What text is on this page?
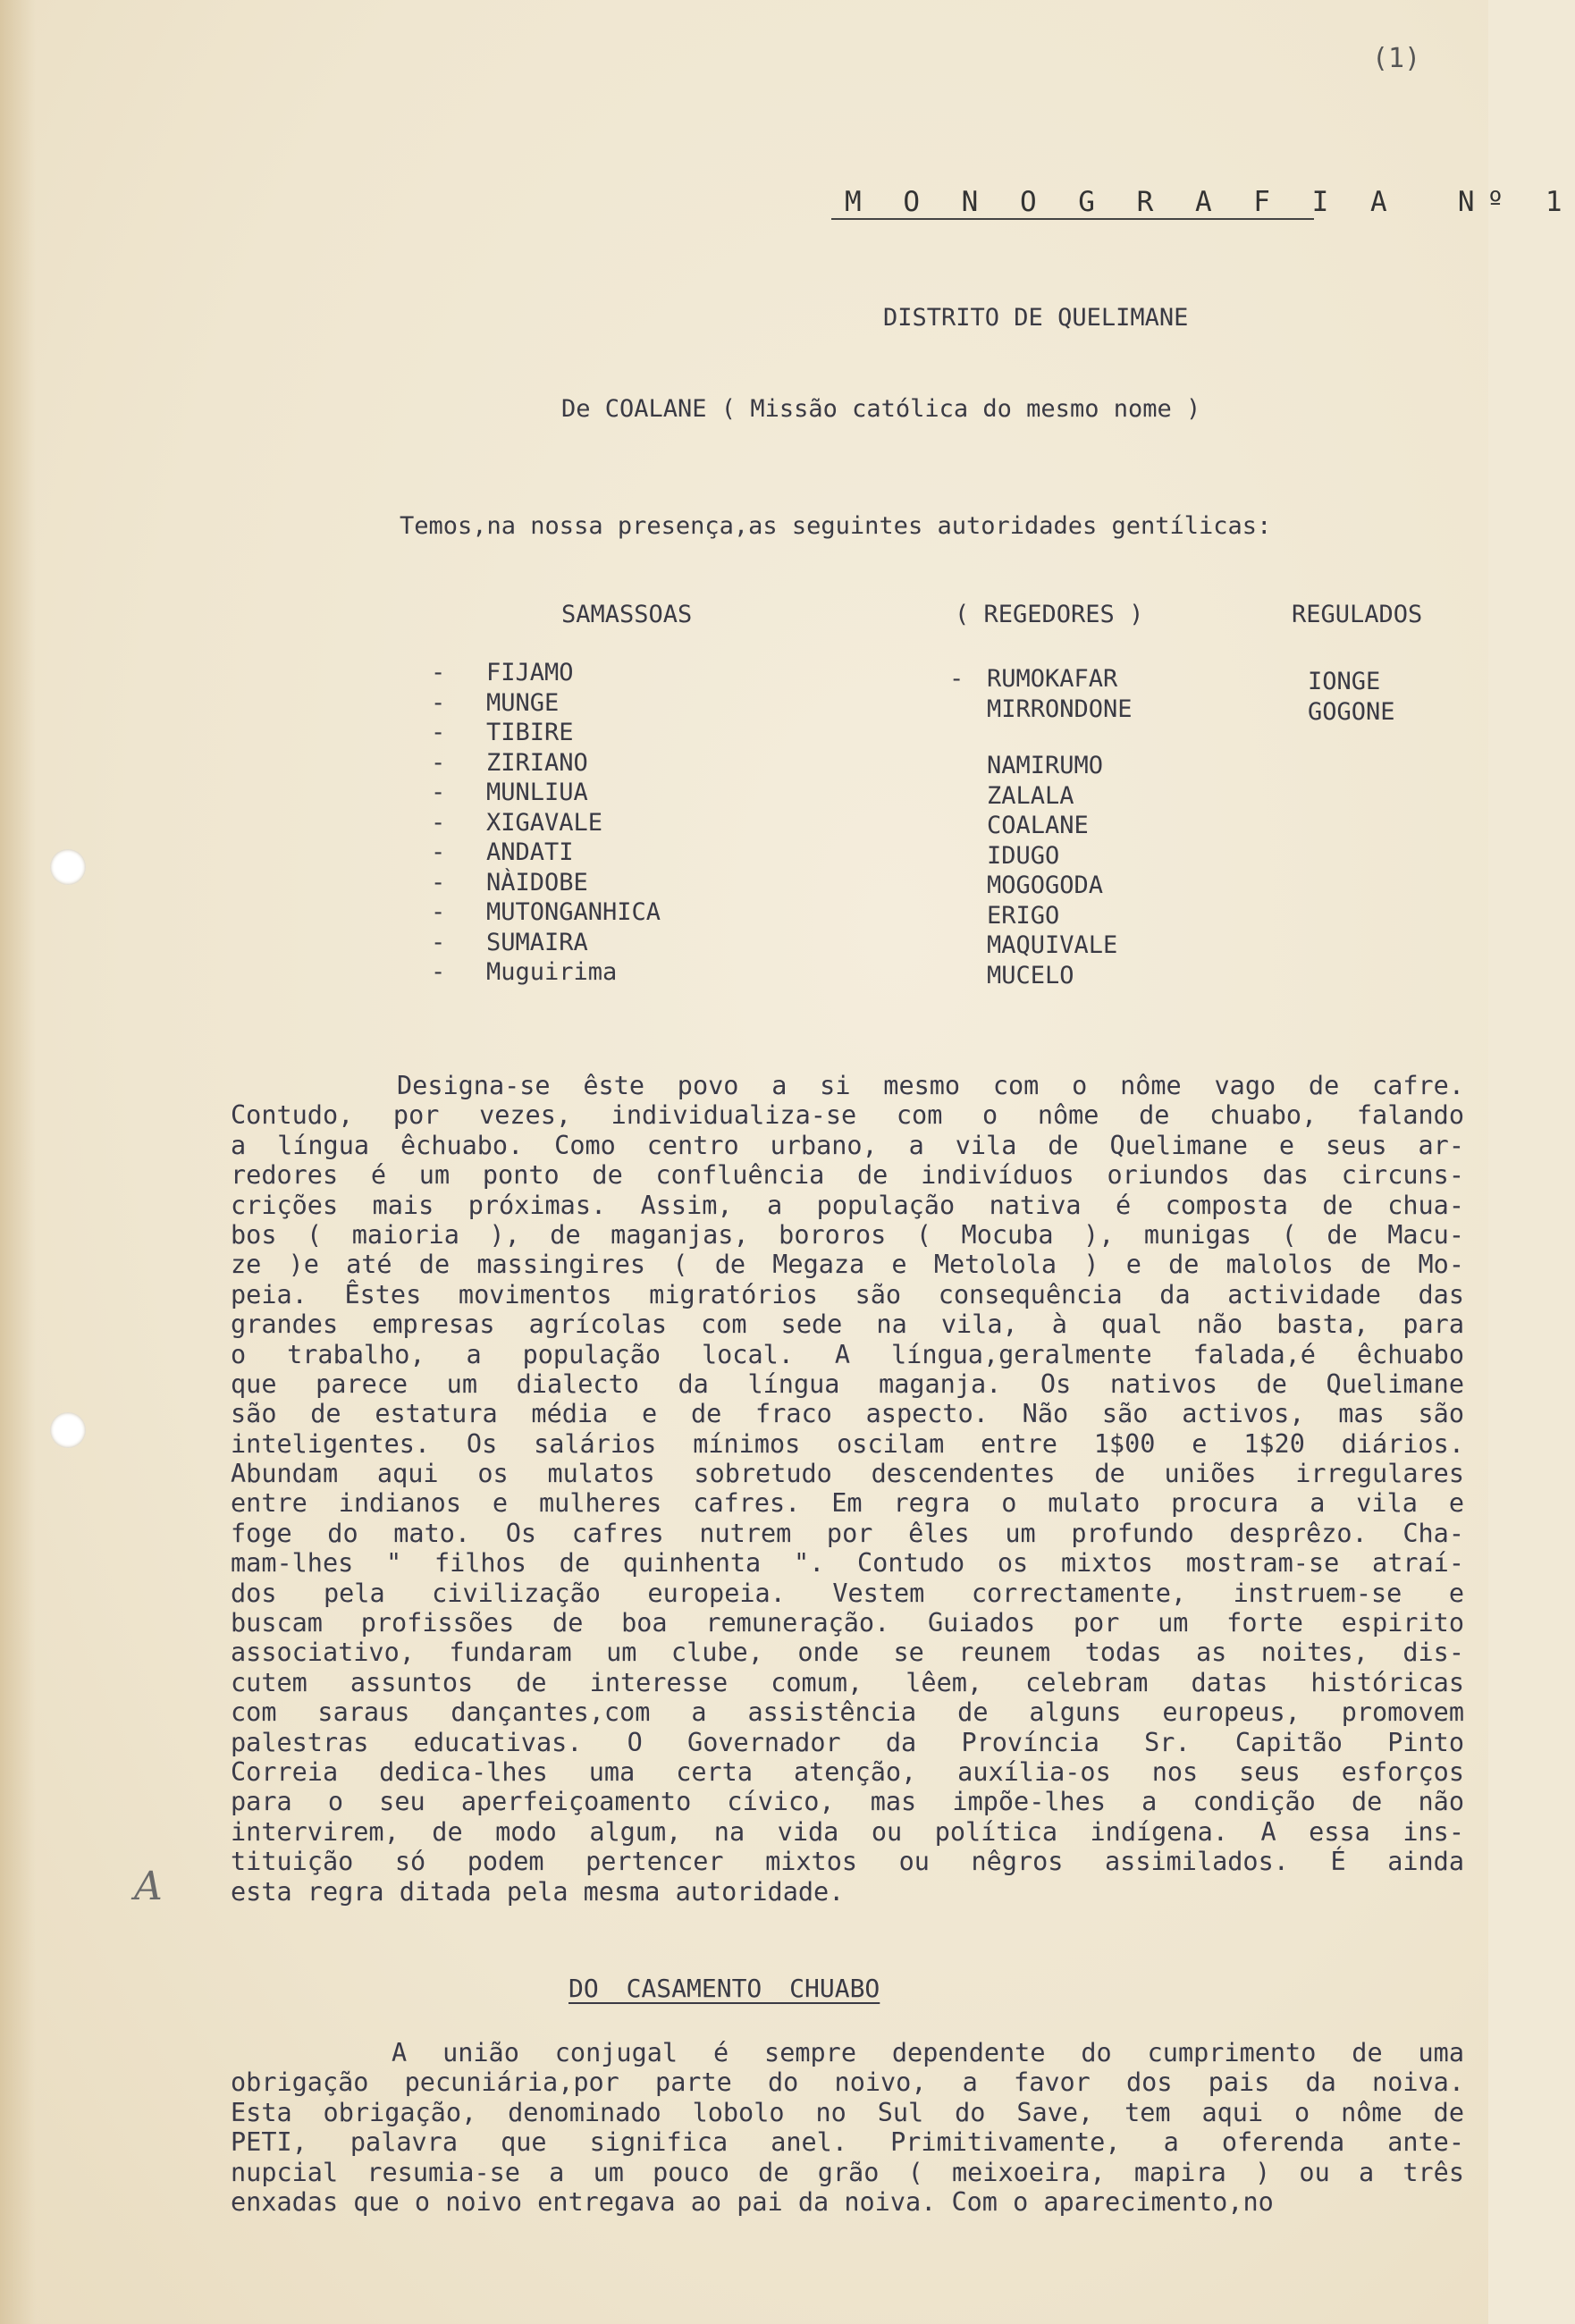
(1)
M O N O G R A F I A  Nº 1
DISTRITO DE QUELIMANE
De COALANE ( Missão católica do mesmo nome )
Temos,na nossa presença,as seguintes autoridades gentílicas:
SAMASSOAS	( REGEDORES )	REGULADOS
- FIJAMO
- MUNGE
- TIBIRE
- ZIRIANO
- MUNLIUA
- XIGAVALE
- ANDATI
- NÀIDOBE
- MUTONGANHICA
- SUMAIRA
- Muguirima
- RUMOKAFAR
MIRRONDONE
NAMIRUMO
ZALALA
COALANE
IDUGO
MOGOGODA
ERIGO
MAQUIVALE
MUCELO
IONGE
GOGONE
Designa-se êste povo a si mesmo com o nôme vago de cafre.
Contudo, por vezes, individualiza-se com o nôme de chuabo, falando
a língua êchuabo. Como centro urbano, a vila de Quelimane e seus ar-
redores é um ponto de confluência de indivíduos oriundos das circuns-
crições mais próximas. Assim, a população nativa é composta de chua-
bos ( maioria ), de maganjas, bororos ( Mocuba ), munigas ( de Macu-
ze )e até de massingires ( de Megaza e Metolola ) e de malolos de Mo-
peia. Êstes movimentos migratórios são consequência da actividade das
grandes empresas agrícolas com sede na vila, à qual não basta, para
o trabalho, a população local. A língua,geralmente falada,é êchuabo
que parece um dialecto da língua maganja. Os nativos de Quelimane
são de estatura média e de fraco aspecto. Não são activos, mas são
inteligentes. Os salários mínimos oscilam entre 1$00 e 1$20 diários.
Abundam aqui os mulatos sobretudo descendentes de uniões irregulares
entre indianos e mulheres cafres. Em regra o mulato procura a vila e
foge do mato. Os cafres nutrem por êles um profundo desprêzo. Cha-
mam-lhes " filhos de quinhenta ". Contudo os mixtos mostram-se atraí-
dos pela civilização europeia. Vestem correctamente, instruem-se e
buscam profissões de boa remuneração. Guiados por um forte espirito
associativo, fundaram um clube, onde se reunem todas as noites, dis-
cutem assuntos de interesse comum, lêem, celebram datas históricas
com saraus dançantes,com a assistência de alguns europeus, promovem
palestras educativas. O Governador da Província Sr. Capitão Pinto
Correia dedica-lhes uma certa atenção, auxília-os nos seus esforços
para o seu aperfeiçoamento cívico, mas impõe-lhes a condição de não
intervirem, de modo algum, na vida ou política indígena. A essa ins-
tituição só podem pertencer mixtos ou nêgros assimilados. É ainda
esta regra ditada pela mesma autoridade.
A
DO CASAMENTO CHUABO
A união conjugal é sempre dependente do cumprimento de uma
obrigação pecuniária,por parte do noivo, a favor dos pais da noiva.
Esta obrigação, denominado lobolo no Sul do Save, tem aqui o nôme de
PETI, palavra que significa anel. Primitivamente, a oferenda ante-
nupcial resumia-se a um pouco de grão ( meixoeira, mapira ) ou a três
enxadas que o noivo entregava ao pai da noiva. Com o aparecimento,no
